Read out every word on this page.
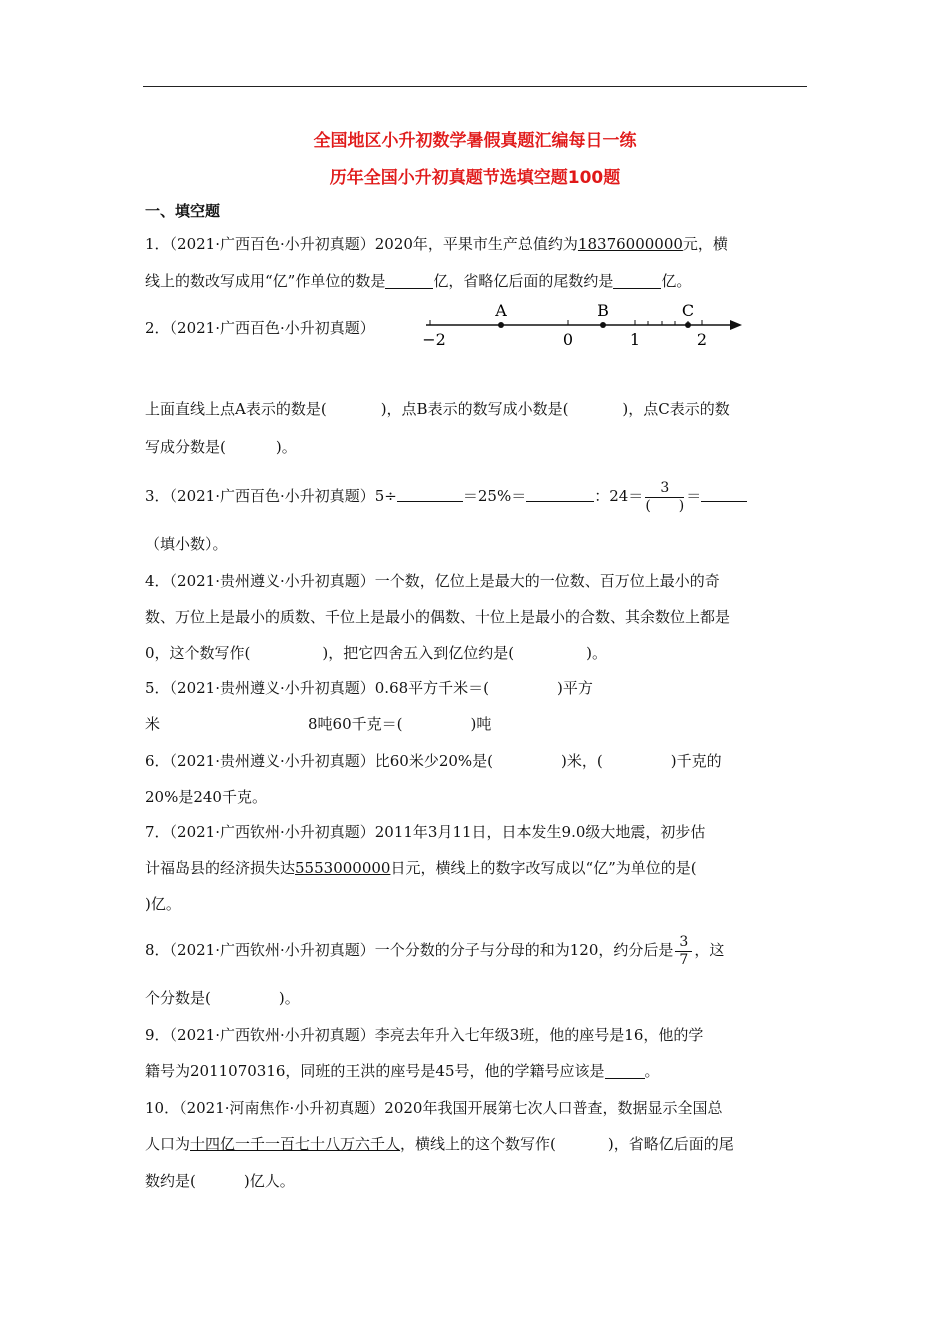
全国地区小升初数学暑假真题汇编每日一练
历年全国小升初真题节选填空题100题
一、填空题
1．（2021·广西百色·小升初真题）2020年，平果市生产总值约为18376000000元，横
线上的数改写成用“亿”作单位的数是	亿，省略亿后面的尾数约是	亿。
2．（2021·广西百色·小升初真题）
A	B	C
−2	0	1	2
上面直线上点A表示的数是(	)，点B表示的数写成小数是(	)，点C表示的数
写成分数是(	)。
3．（2021·广西百色·小升初真题）5÷	＝25%＝	：$24= \frac{3}{( )}$ ＝
（填小数）。
4．（2021·贵州遵义·小升初真题）一个数，亿位上是最大的一位数、百万位上最小的奇
数、万位上是最小的质数、千位上是最小的偶数、十位上是最小的合数、其余数位上都是
0，这个数写作(	)，把它四舍五入到亿位约是(	)。
5．（2021·贵州遵义·小升初真题）0.68平方千米＝(	)平方
米	8吨60千克＝(	)吨
6．（2021·贵州遵义·小升初真题）比60米少20%是(	)米，(	)千克的
20%是240千克。
7．（2021·广西钦州·小升初真题）2011年3月11日，日本发生9.0级大地震，初步估
计福岛县的经济损失达5553000000日元，横线上的数字改写成以“亿”为单位的是(
)亿。
8．（2021·广西钦州·小升初真题）一个分数的分子与分母的和为120，约分后是 $\frac{3}{7}$ ，这
个分数是(	)。
9．（2021·广西钦州·小升初真题）李亮去年升入七年级3班，他的座号是16，他的学
籍号为2011070316，同班的王洪的座号是45号，他的学籍号应该是	。
10．（2021·河南焦作·小升初真题）2020年我国开展第七次人口普查，数据显示全国总
人口为十四亿一千一百七十八万六千人，横线上的这个数写作(	)，省略亿后面的尾
数约是(	)亿人。
